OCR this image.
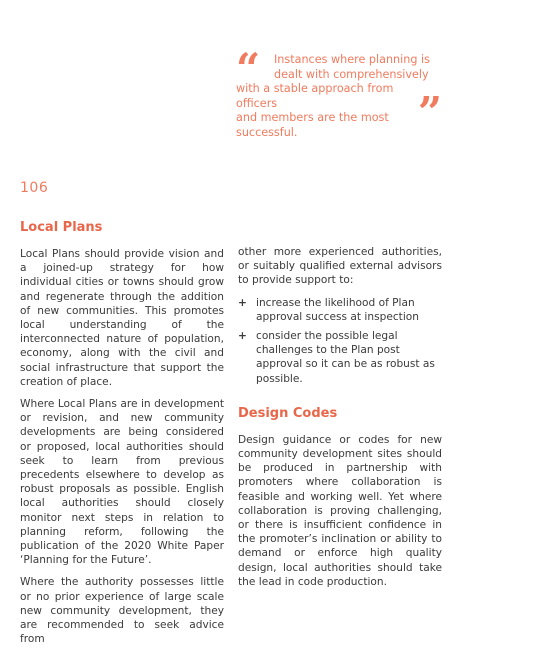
“	Instances where planning is
dealt with comprehensively
with a stable approach from officers
and members are the most
successful.	”
106
Local Plans

Local Plans should provide vision and a joined-up strategy for how individual cities or towns should grow and regenerate through the addition of new communities. This promotes local understanding of the interconnected nature of population, economy, along with the civil and social infrastructure that support the creation of place.

Where Local Plans are in development or revision, and new community developments are being considered or proposed, local authorities should seek to learn from previous precedents elsewhere to develop as robust proposals as possible. English local authorities should closely monitor next steps in relation to planning reform, following the publication of the 2020 White Paper ‘Planning for the Future’.

Where the authority possesses little or no prior experience of large scale new community development, they are recommended to seek advice from

other more experienced authorities, or suitably qualified external advisors to provide support to:

+ increase the likelihood of Plan approval success at inspection
+ consider the possible legal challenges to the Plan post approval so it can be as robust as possible.
Design Codes

Design guidance or codes for new community development sites should be produced in partnership with promoters where collaboration is feasible and working well. Yet where collaboration is proving challenging, or there is insufficient confidence in the promoter’s inclination or ability to demand or enforce high quality design, local authorities should take the lead in code production.
